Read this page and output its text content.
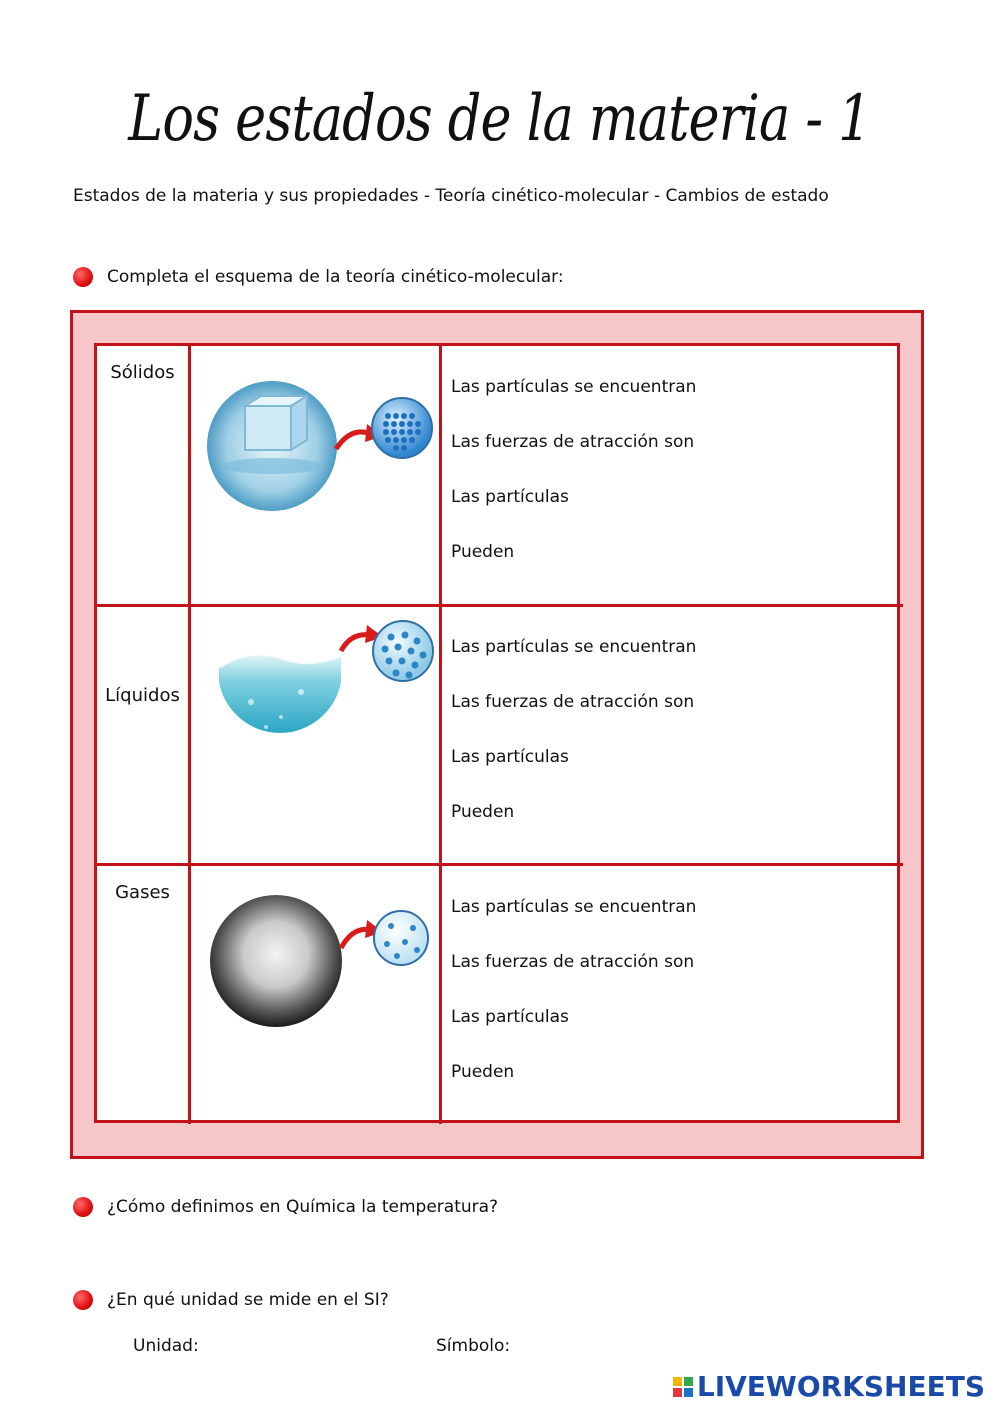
Los estados de la materia - 1
Estados de la materia y sus propiedades - Teoría cinético-molecular - Cambios de estado
Completa el esquema de la teoría cinético-molecular:
Sólidos
Las partículas se encuentran
Las fuerzas de atracción son
Las partículas
Pueden
Líquidos
Las partículas se encuentran
Las fuerzas de atracción son
Las partículas
Pueden
Gases
Las partículas se encuentran
Las fuerzas de atracción son
Las partículas
Pueden
¿Cómo definimos en Química la temperatura?
¿En qué unidad se mide en el SI?
Unidad:	Símbolo:
LIVEWORKSHEETS
